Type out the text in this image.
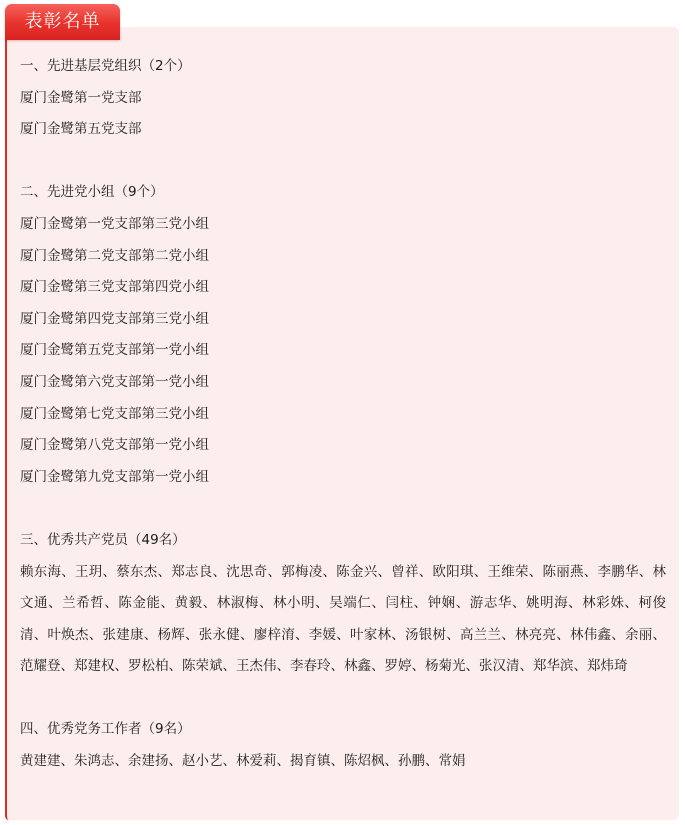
表彰名单
一、先进基层党组织（2个）
厦门金鹭第一党支部
厦门金鹭第五党支部
二、先进党小组（9个）
厦门金鹭第一党支部第三党小组
厦门金鹭第二党支部第二党小组
厦门金鹭第三党支部第四党小组
厦门金鹭第四党支部第三党小组
厦门金鹭第五党支部第一党小组
厦门金鹭第六党支部第一党小组
厦门金鹭第七党支部第三党小组
厦门金鹭第八党支部第一党小组
厦门金鹭第九党支部第一党小组
三、优秀共产党员（49名）
赖东海、王玥、蔡东杰、郑志良、沈思奇、郭梅凌、陈金兴、曾祥、欧阳琪、王维荣、陈丽燕、李鹏华、林文通、兰希哲、陈金能、黄毅、林淑梅、林小明、吴端仁、闫柱、钟娴、游志华、姚明海、林彩姝、柯俊清、叶焕杰、张建康、杨辉、张永健、廖梓淯、李媛、叶家林、汤银树、高兰兰、林亮亮、林伟鑫、余丽、范耀登、郑建权、罗松柏、陈荣斌、王杰伟、李春玲、林鑫、罗婷、杨菊光、张汉清、郑华滨、郑炜琦
四、优秀党务工作者（9名）
黄建建、朱鸿志、余建扬、赵小艺、林爱莉、揭育镇、陈炤枫、孙鹏、常娟
